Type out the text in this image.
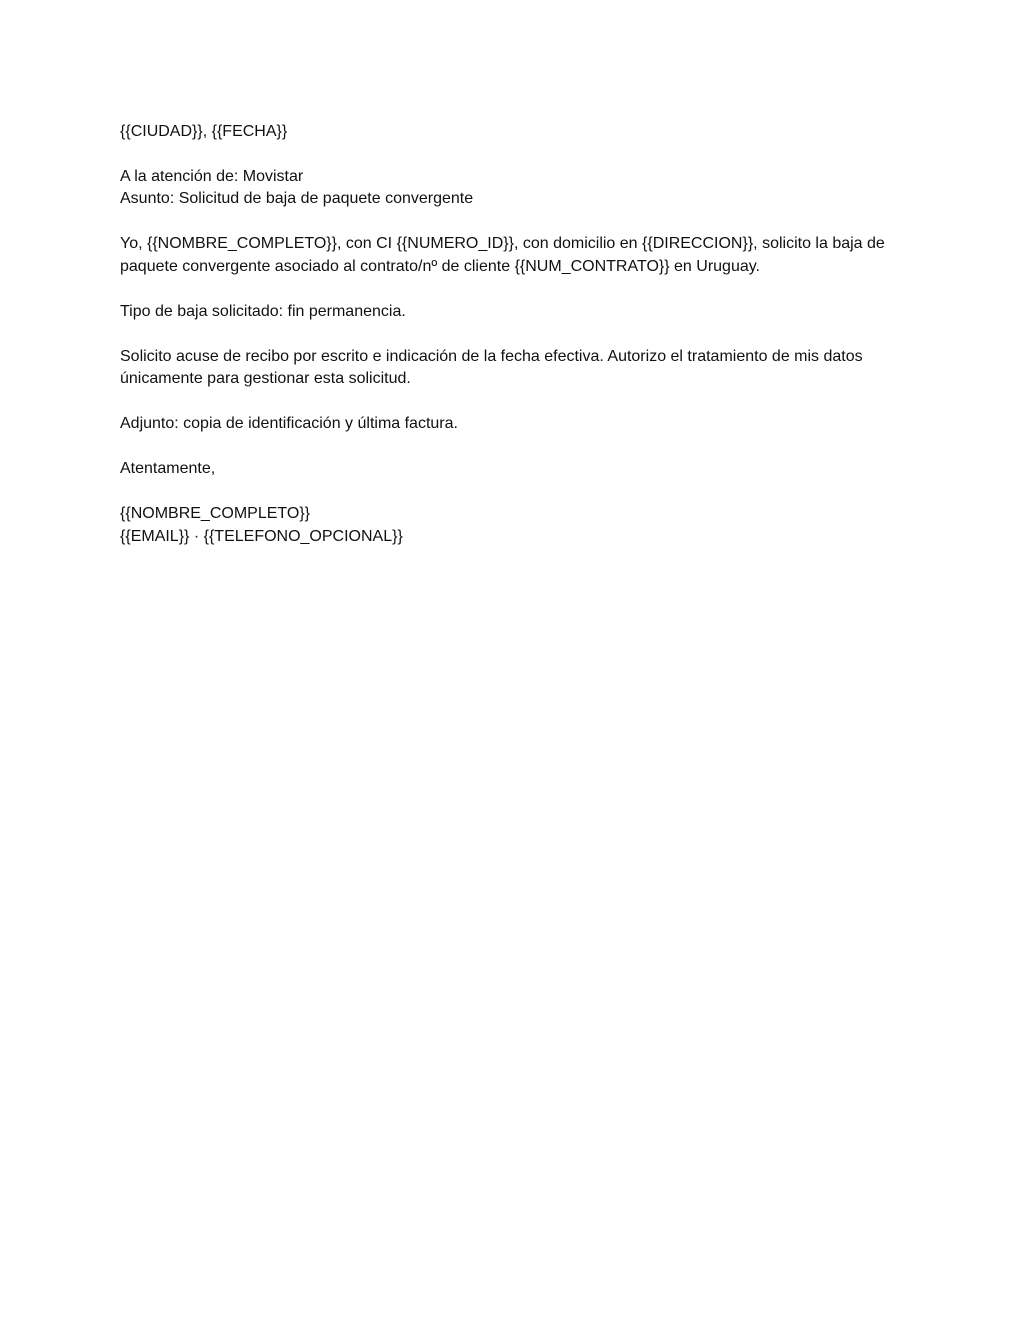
{{CIUDAD}}, {{FECHA}}

A la atención de: Movistar

Asunto: Solicitud de baja de paquete convergente

Yo, {{NOMBRE_COMPLETO}}, con CI {{NUMERO_ID}}, con domicilio en {{DIRECCION}}, solicito la baja de paquete convergente asociado al contrato/nº de cliente {{NUM_CONTRATO}} en Uruguay.

Tipo de baja solicitado: fin permanencia.

Solicito acuse de recibo por escrito e indicación de la fecha efectiva. Autorizo el tratamiento de mis datos únicamente para gestionar esta solicitud.

Adjunto: copia de identificación y última factura.

Atentamente,

{{NOMBRE_COMPLETO}}

{{EMAIL}} · {{TELEFONO_OPCIONAL}}
